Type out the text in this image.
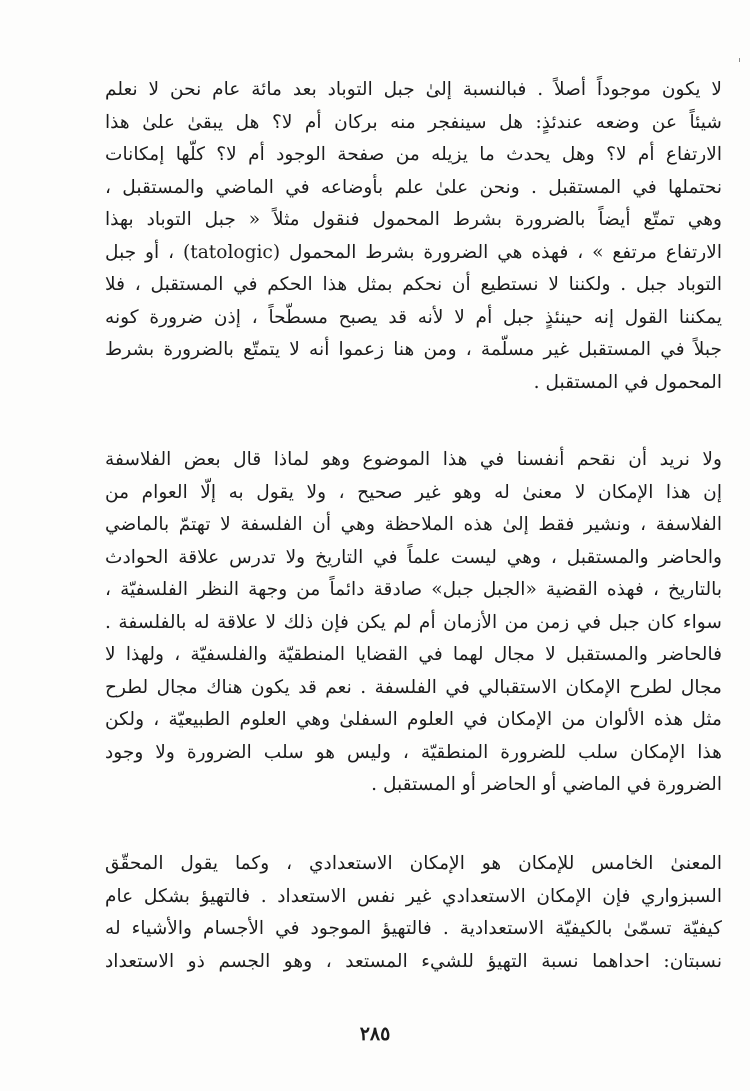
لا يكون موجوداً أصلاً . فبالنسبة إلىٰ جبل التوباد بعد مائة عام نحن لا نعلم
شيئاً عن وضعه عندئذٍ: هل سينفجر منه بركان أم لا؟ هل يبقىٰ علىٰ هذا
الارتفاع أم لا؟ وهل يحدث ما يزيله من صفحة الوجود أم لا؟ كلّها إمكانات
نحتملها في المستقبل . ونحن علىٰ علم بأوضاعه في الماضي والمستقبل ،
وهي تمتّع أيضاً بالضرورة بشرط المحمول فنقول مثلاً « جبل التوباد بهذا
الارتفاع مرتفع » ، فهذه هي الضرورة بشرط المحمول (tatologic) ، أو جبل
التوباد جبل . ولكننا لا نستطيع أن نحكم بمثل هذا الحكم في المستقبل ، فلا
يمكننا القول إنه حينئذٍ جبل أم لا لأنه قد يصبح مسطّحاً ، إذن ضرورة كونه
جبلاً في المستقبل غير مسلّمة ، ومن هنا زعموا أنه لا يتمتّع بالضرورة بشرط
المحمول في المستقبل .

ولا نريد أن نقحم أنفسنا في هذا الموضوع وهو لماذا قال بعض الفلاسفة
إن هذا الإمكان لا معنىٰ له وهو غير صحيح ، ولا يقول به إلّا العوام من
الفلاسفة ، ونشير فقط إلىٰ هذه الملاحظة وهي أن الفلسفة لا تهتمّ بالماضي
والحاضر والمستقبل ، وهي ليست علماً في التاريخ ولا تدرس علاقة الحوادث
بالتاريخ ، فهذه القضية «الجبل جبل» صادقة دائماً من وجهة النظر الفلسفيّة ،
سواء كان جبل في زمن من الأزمان أم لم يكن فإن ذلك لا علاقة له بالفلسفة .
فالحاضر والمستقبل لا مجال لهما في القضايا المنطقيّة والفلسفيّة ، ولهذا لا
مجال لطرح الإمكان الاستقبالي في الفلسفة . نعم قد يكون هناك مجال لطرح
مثل هذه الألوان من الإمكان في العلوم السفلىٰ وهي العلوم الطبيعيّة ، ولكن
هذا الإمكان سلب للضرورة المنطقيّة ، وليس هو سلب الضرورة ولا وجود
الضرورة في الماضي أو الحاضر أو المستقبل .

المعنىٰ الخامس للإمكان هو الإمكان الاستعدادي ، وكما يقول المحقّق
السبزواري فإن الإمكان الاستعدادي غير نفس الاستعداد . فالتهيؤ بشكل عام
كيفيّة تسمّىٰ بالكيفيّة الاستعدادية . فالتهيؤ الموجود في الأجسام والأشياء له
نسبتان: احداهما نسبة التهيؤ للشيء المستعد ، وهو الجسم ذو الاستعداد

٢٨٥
